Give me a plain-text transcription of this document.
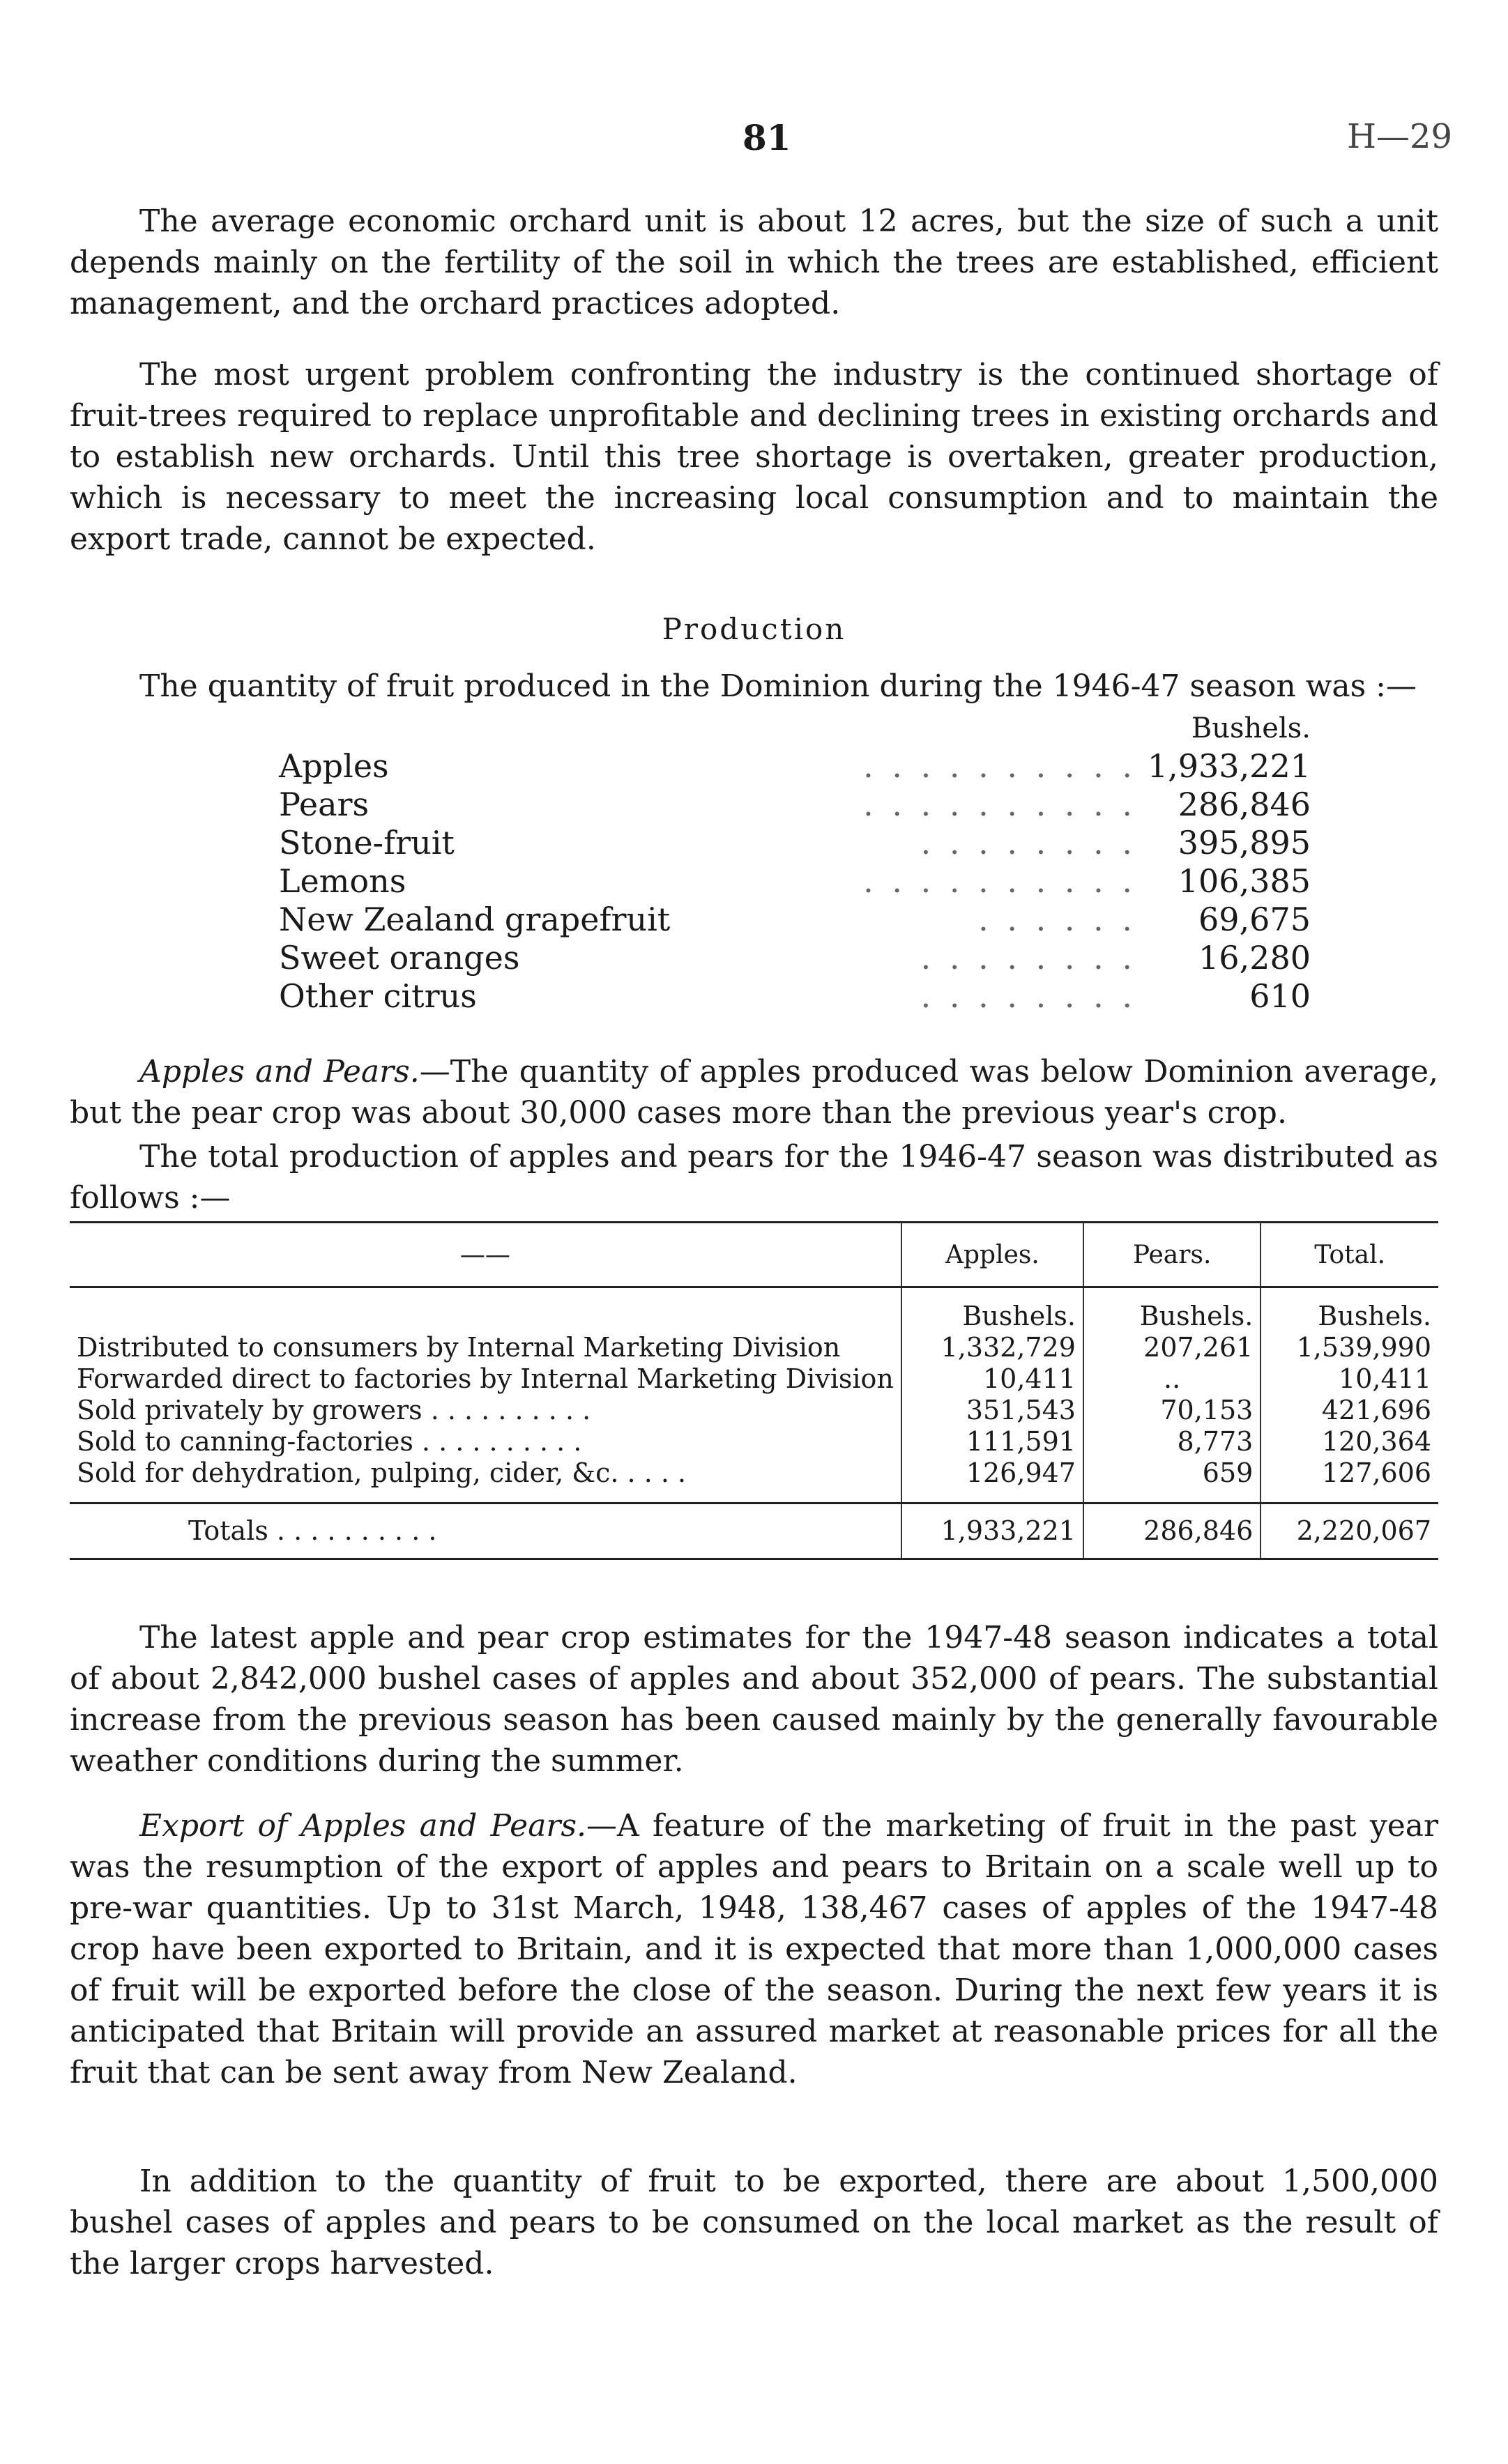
81	H—29

The average economic orchard unit is about 12 acres, but the size of such a unit depends mainly on the fertility of the soil in which the trees are established, efficient management, and the orchard practices adopted.

The most urgent problem confronting the industry is the continued shortage of fruit-trees required to replace unprofitable and declining trees in existing orchards and to establish new orchards. Until this tree shortage is overtaken, greater production, which is necessary to meet the increasing local consumption and to maintain the export trade, cannot be expected.

Production

The quantity of fruit produced in the Dominion during the 1946-47 season was :—

Bushels.
Apples	. . . . . . . . . . 1,933,221
Pears	. . . . . . . . . . 286,846
Stone-fruit	. . . . . . . . 395,895
Lemons	. . . . . . . . . . 106,385
New Zealand grapefruit	. . . . . . 69,675
Sweet oranges	. . . . . . . . 16,280
Other citrus	. . . . . . . .	610

Apples and Pears.—The quantity of apples produced was below Dominion average, but the pear crop was about 30,000 cases more than the previous year's crop.

The total production of apples and pears for the 1946-47 season was distributed as follows :—

——	Apples.	Pears.	Total.
	Bushels.	Bushels.	Bushels.
Distributed to consumers by Internal Marketing Division	1,332,729	207,261	1,539,990
Forwarded direct to factories by Internal Marketing Division	10,411	..	10,411
Sold privately by growers . . . . . . . . . .	351,543	70,153	421,696
Sold to canning-factories . . . . . . . . . .	111,591	8,773	120,364
Sold for dehydration, pulping, cider, &c. . . . .	126,947	659	127,606

Totals . . . . . . . . . .	1,933,221	286,846	2,220,067

The latest apple and pear crop estimates for the 1947-48 season indicates a total of about 2,842,000 bushel cases of apples and about 352,000 of pears. The substantial increase from the previous season has been caused mainly by the generally favourable weather conditions during the summer.

Export of Apples and Pears.—A feature of the marketing of fruit in the past year was the resumption of the export of apples and pears to Britain on a scale well up to pre-war quantities. Up to 31st March, 1948, 138,467 cases of apples of the 1947-48 crop have been exported to Britain, and it is expected that more than 1,000,000 cases of fruit will be exported before the close of the season. During the next few years it is anticipated that Britain will provide an assured market at reasonable prices for all the fruit that can be sent away from New Zealand.

In addition to the quantity of fruit to be exported, there are about 1,500,000 bushel cases of apples and pears to be consumed on the local market as the result of the larger crops harvested.
